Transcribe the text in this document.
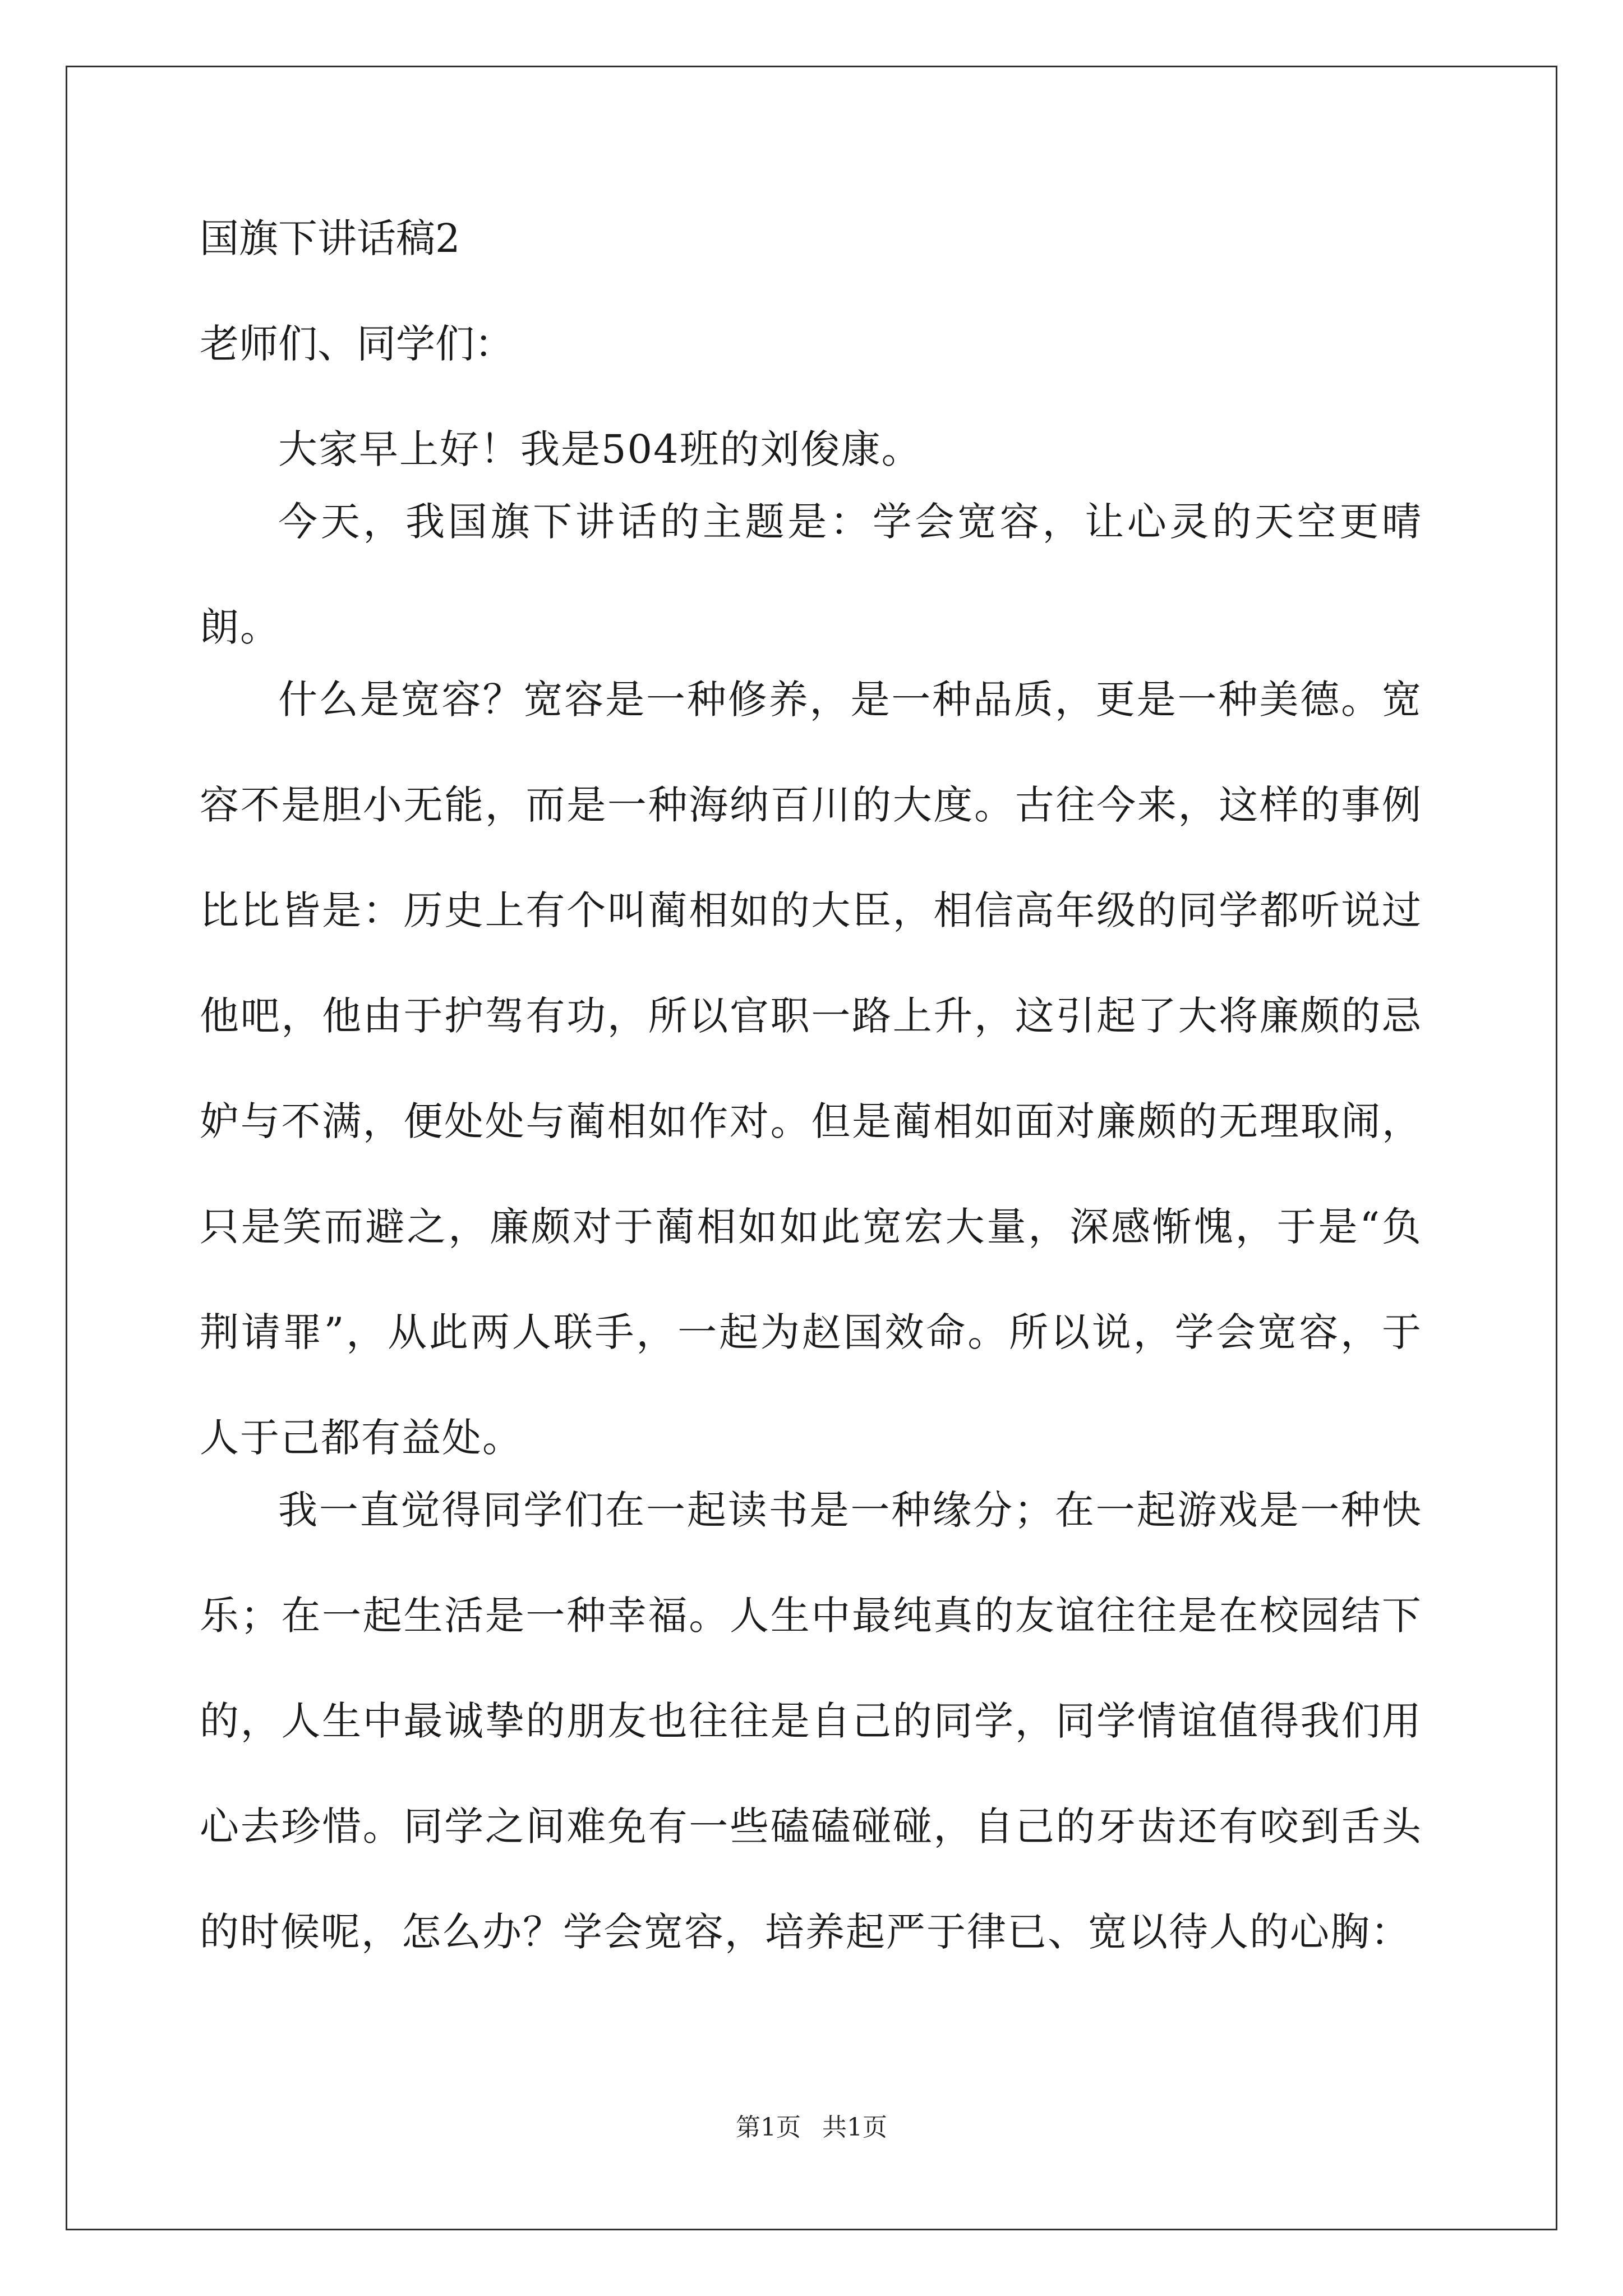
国旗下讲话稿2

老师们、同学们：

大家早上好！我是504班的刘俊康。

今天，我国旗下讲话的主题是：学会宽容，让心灵的天空更晴朗。

什么是宽容？宽容是一种修养，是一种品质，更是一种美德。宽容不是胆小无能，而是一种海纳百川的大度。古往今来，这样的事例比比皆是：历史上有个叫蔺相如的大臣，相信高年级的同学都听说过他吧，他由于护驾有功，所以官职一路上升，这引起了大将廉颇的忌妒与不满，便处处与蔺相如作对。但是蔺相如面对廉颇的无理取闹，只是笑而避之，廉颇对于蔺相如如此宽宏大量，深感惭愧，于是“负荆请罪”，从此两人联手，一起为赵国效命。所以说，学会宽容，于人于己都有益处。

我一直觉得同学们在一起读书是一种缘分；在一起游戏是一种快乐；在一起生活是一种幸福。人生中最纯真的友谊往往是在校园结下的，人生中最诚挚的朋友也往往是自己的同学，同学情谊值得我们用心去珍惜。同学之间难免有一些磕磕碰碰，自己的牙齿还有咬到舌头的时候呢，怎么办？学会宽容，培养起严于律已、宽以待人的心胸：

第1页 共1页
